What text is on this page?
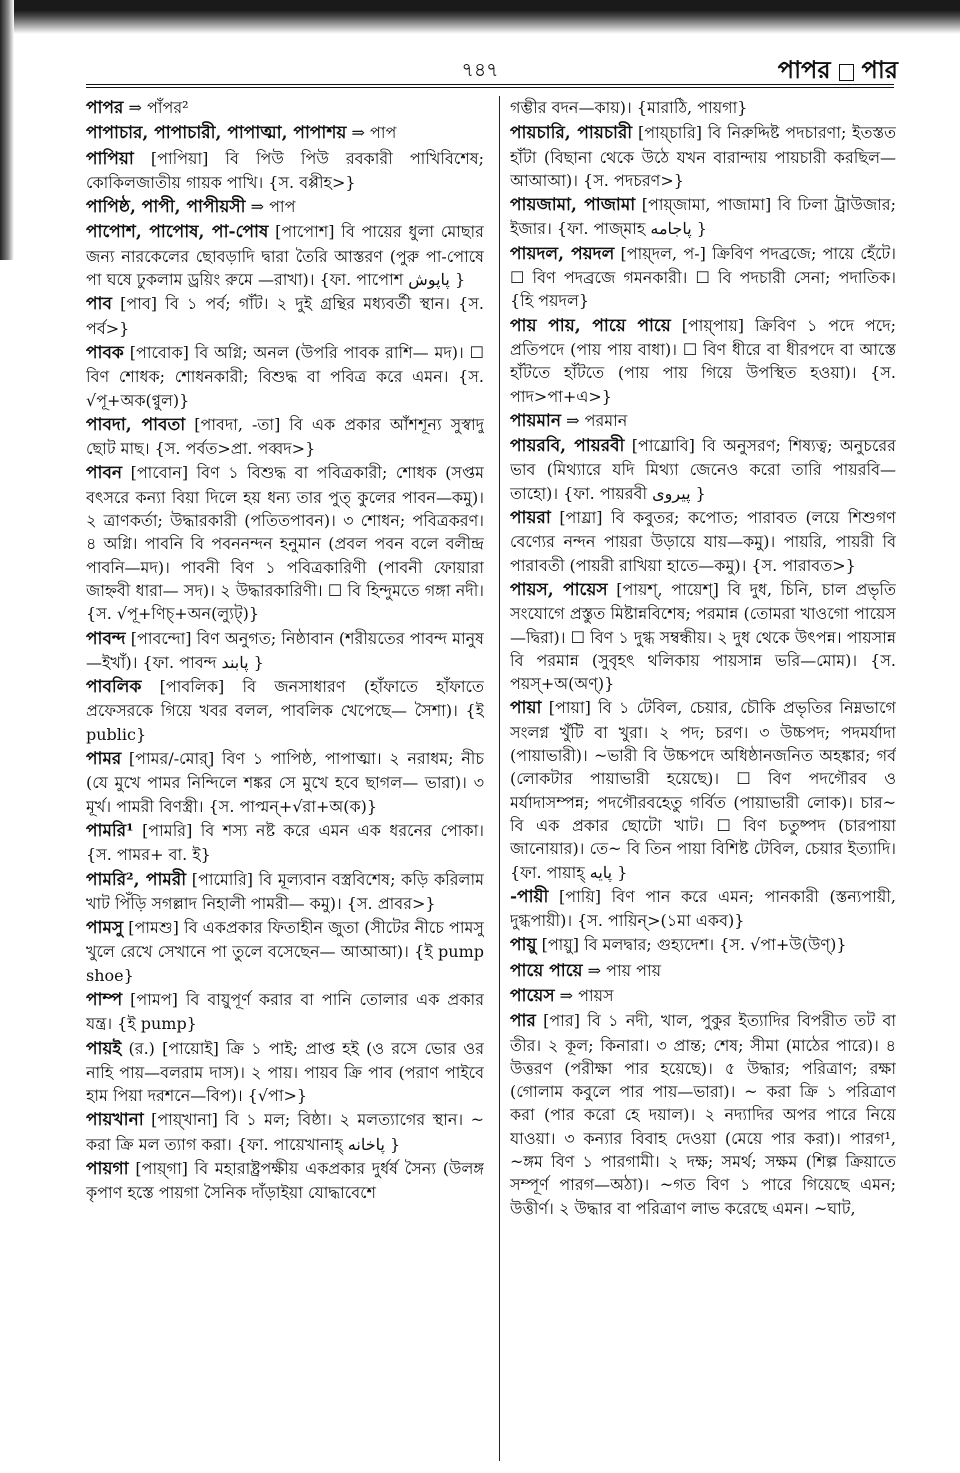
৭৪৭	পাপর পার

পাপর ⇒ পাঁপর²

পাপাচার, পাপাচারী, পাপাত্মা, পাপাশয় ⇒ পাপ

পাপিয়া [পাপিয়া] বি পিউ পিউ রবকারী পাখিবিশেষ; কোকিলজাতীয় গায়ক পাখি। {স. বপ্পীহ>}

পাপিষ্ঠ, পাপী, পাপীয়সী ⇒ পাপ

পাপোশ, পাপোষ, পা-পোষ [পাপোশ] বি পায়ের ধুলা মোছার জন্য নারকেলের ছোবড়াদি দ্বারা তৈরি আস্তরণ (পুরু পা-পোষে পা ঘষে ঢুকলাম ড্রয়িং রুমে —রাখা)। {ফা. পাপোশ پاپوش }

পাব [পাব] বি ১ পর্ব; গাঁট। ২ দুই গ্রন্থির মধ্যবর্তী স্থান। {স. পর্ব>}

পাবক [পাবোক] বি অগ্নি; অনল (উপরি পাবক রাশি— মদ)। ☐ বিণ শোধক; শোধনকারী; বিশুদ্ধ বা পবিত্র করে এমন। {স. √পূ+অক(ণ্বুল)}

পাবদা, পাবতা [পাবদা, -তা] বি এক প্রকার আঁশশূন্য সুস্বাদু ছোট মাছ। {স. পর্বত>প্রা. পব্বদ>}

পাবন [পাবোন] বিণ ১ বিশুদ্ধ বা পবিত্রকারী; শোধক (সপ্তম বৎসরে কন্যা বিয়া দিলে হয় ধন্য তার পুত্ কুলের পাবন—কমু)। ২ ত্রাণকর্তা; উদ্ধারকারী (পতিতপাবন)। ৩ শোধন; পবিত্রকরণ। ৪ অগ্নি। পাবনি বি পবননন্দন হনুমান (প্রবল পবন বলে বলীন্দ্র পাবনি—মদ)। পাবনী বিণ ১ পবিত্রকারিণী (পাবনী ফোয়ারা জাহ্নবী ধারা— সদ)। ২ উদ্ধারকারিণী। ☐ বি হিন্দুমতে গঙ্গা নদী। {স. √পূ+ণিচ্+অন(ল্যুট্)}

পাবন্দ [পাবন্দো] বিণ অনুগত; নিষ্ঠাবান (শরীয়তের পাবন্দ মানুষ—ইখাঁ)। {ফা. পাবন্দ پابند }

পাবলিক [পাবলিক] বি জনসাধারণ (হাঁফাতে হাঁফাতে প্রফেসরকে গিয়ে খবর বলল, পাবলিক খেপেছে— সৈশা)। {ই public}

পামর [পামর/-মোর্] বিণ ১ পাপিষ্ঠ, পাপাত্মা। ২ নরাধম; নীচ (যে মুখে পামর নিন্দিলে শঙ্কর সে মুখে হবে ছাগল— ভারা)। ৩ মূর্খ। পামরী বিণস্ত্রী। {স. পাপ্মন্+√রা+অ(ক)}

পামরি¹ [পামরি] বি শস্য নষ্ট করে এমন এক ধরনের পোকা। {স. পামর+ বা. ই}

পামরি², পামরী [পামোরি] বি মূল্যবান বস্ত্রবিশেষ; কড়ি করিলাম খাট পিঁড়ি সগল্লাদ নিহালী পামরী— কমু)। {স. প্রাবর>}

পামসু [পামশু] বি একপ্রকার ফিতাহীন জুতা (সীটের নীচে পামসু খুলে রেখে সেখানে পা তুলে বসেছেন— আআআ)। {ই pump shoe}

পাম্প [পামপ] বি বায়ুপূর্ণ করার বা পানি তোলার এক প্রকার যন্ত্র। {ই pump}

পায়ই (র.) [পায়োই] ক্রি ১ পাই; প্রাপ্ত হই (ও রসে ভোর ওর নাহি পায়—বলরাম দাস)। ২ পায়। পায়ব ক্রি পাব (পরাণ পাইবে হাম পিয়া দরশনে—বিপ)। {√পা>}

পায়খানা [পায়্খানা] বি ১ মল; বিষ্ঠা। ২ মলত্যাগের স্থান। ~ করা ক্রি মল ত্যাগ করা। {ফা. পায়েখানাহ্ پاخانه }

পায়গা [পায়্গা] বি মহারাষ্ট্রপক্ষীয় একপ্রকার দুর্ধর্ষ সৈন্য (উলঙ্গ কৃপাণ হস্তে পায়গা সৈনিক দাঁড়াইয়া যোদ্ধাবেশে

গম্ভীর বদন—কায়)। {মারাঠি, পায়গা}

পায়চারি, পায়চারী [পায়্চারি] বি নিরুদ্দিষ্ট পদচারণা; ইতস্তত হাঁটা (বিছানা থেকে উঠে যখন বারান্দায় পায়চারী করছিল—আআআ)। {স. পদচরণ>}

পায়জামা, পাজামা [পায়্জামা, পাজামা] বি ঢিলা ট্রাউজার; ইজার। {ফা. পাজ্‌মাহ پاجامه }

পায়দল, পয়দল [পায়্দল, প-] ক্রিবিণ পদব্রজে; পায়ে হেঁটে। ☐ বিণ পদব্রজে গমনকারী। ☐ বি পদচারী সেনা; পদাতিক। {হি পয়দল}

পায় পায়, পায়ে পায়ে [পায়্পায়] ক্রিবিণ ১ পদে পদে; প্রতিপদে (পায় পায় বাধা)। ☐ বিণ ধীরে বা ধীরপদে বা আস্তে হাঁটতে হাঁটতে (পায় পায় গিয়ে উপস্থিত হওয়া)। {স. পাদ>পা+এ>}

পায়মান ⇒ পরমান

পায়রবি, পায়রবী [পায়্রোবি] বি অনুসরণ; শিষ্যত্ব; অনুচরের ভাব (মিথ্যারে যদি মিথ্যা জেনেও করো তারি পায়রবি—তাহো)। {ফা. পায়রবী پيروى }

পায়রা [পায়্রা] বি কবুতর; কপোত; পারাবত (লয়ে শিশুগণ বেণ্যের নন্দন পায়রা উড়ায়ে যায়—কমু)। পায়রি, পায়রী বি পারাবতী (পায়রী রাখিয়া হাতে—কমু)। {স. পারাবত>}

পায়স, পায়েস [পায়শ্, পায়েশ্] বি দুধ, চিনি, চাল প্রভৃতি সংযোগে প্রস্তুত মিষ্টান্নবিশেষ; পরমান্ন (তোমরা খাওগো পায়েস—দ্বিরা)। ☐ বিণ ১ দুগ্ধ সম্বন্ধীয়। ২ দুধ থেকে উৎপন্ন। পায়সান্ন বি পরমান্ন (সুবৃহৎ থলিকায় পায়সান্ন ভরি—মোম)। {স. পয়স্+অ(অণ্)}

পায়া [পায়া] বি ১ টেবিল, চেয়ার, চৌকি প্রভৃতির নিম্নভাগে সংলগ্ন খুঁটি বা খুরা। ২ পদ; চরণ। ৩ উচ্চপদ; পদমর্যাদা (পায়াভারী)। ~ভারী বি উচ্চপদে অধিষ্ঠানজনিত অহঙ্কার; গর্ব (লোকটার পায়াভারী হয়েছে)। ☐ বিণ পদগৌরব ও মর্যাদাসম্পন্ন; পদগৌরবহেতু গর্বিত (পায়াভারী লোক)। চার~ বি এক প্রকার ছোটো খাট। ☐ বিণ চতুষ্পদ (চারপায়া জানোয়ার)। তে~ বি তিন পায়া বিশিষ্ট টেবিল, চেয়ার ইত্যাদি। {ফা. পায়াহ্ پايه }

-পায়ী [পায়ি] বিণ পান করে এমন; পানকারী (স্তন্যপায়ী, দুগ্ধপায়ী)। {স. পায়িন্>(১মা একব)}

পায়ু [পায়ু] বি মলদ্বার; গুহ্যদেশ। {স. √পা+উ(উণ্)}

পায়ে পায়ে ⇒ পায় পায়

পায়েস ⇒ পায়স

পার [পার] বি ১ নদী, খাল, পুকুর ইত্যাদির বিপরীত তট বা তীর। ২ কূল; কিনারা। ৩ প্রান্ত; শেষ; সীমা (মাঠের পারে)। ৪ উত্তরণ (পরীক্ষা পার হয়েছে)। ৫ উদ্ধার; পরিত্রাণ; রক্ষা (গোলাম কবুলে পার পায়—ভারা)। ~ করা ক্রি ১ পরিত্রাণ করা (পার করো হে দয়াল)। ২ নদ্যাদির অপর পারে নিয়ে যাওয়া। ৩ কন্যার বিবাহ দেওয়া (মেয়ে পার করা)। পারগ¹, ~ঙ্গম বিণ ১ পারগামী। ২ দক্ষ; সমর্থ; সক্ষম (শিল্প ক্রিয়াতে সম্পূর্ণ পারগ—অঠা)। ~গত বিণ ১ পারে গিয়েছে এমন; উত্তীর্ণ। ২ উদ্ধার বা পরিত্রাণ লাভ করেছে এমন। ~ঘাট,
